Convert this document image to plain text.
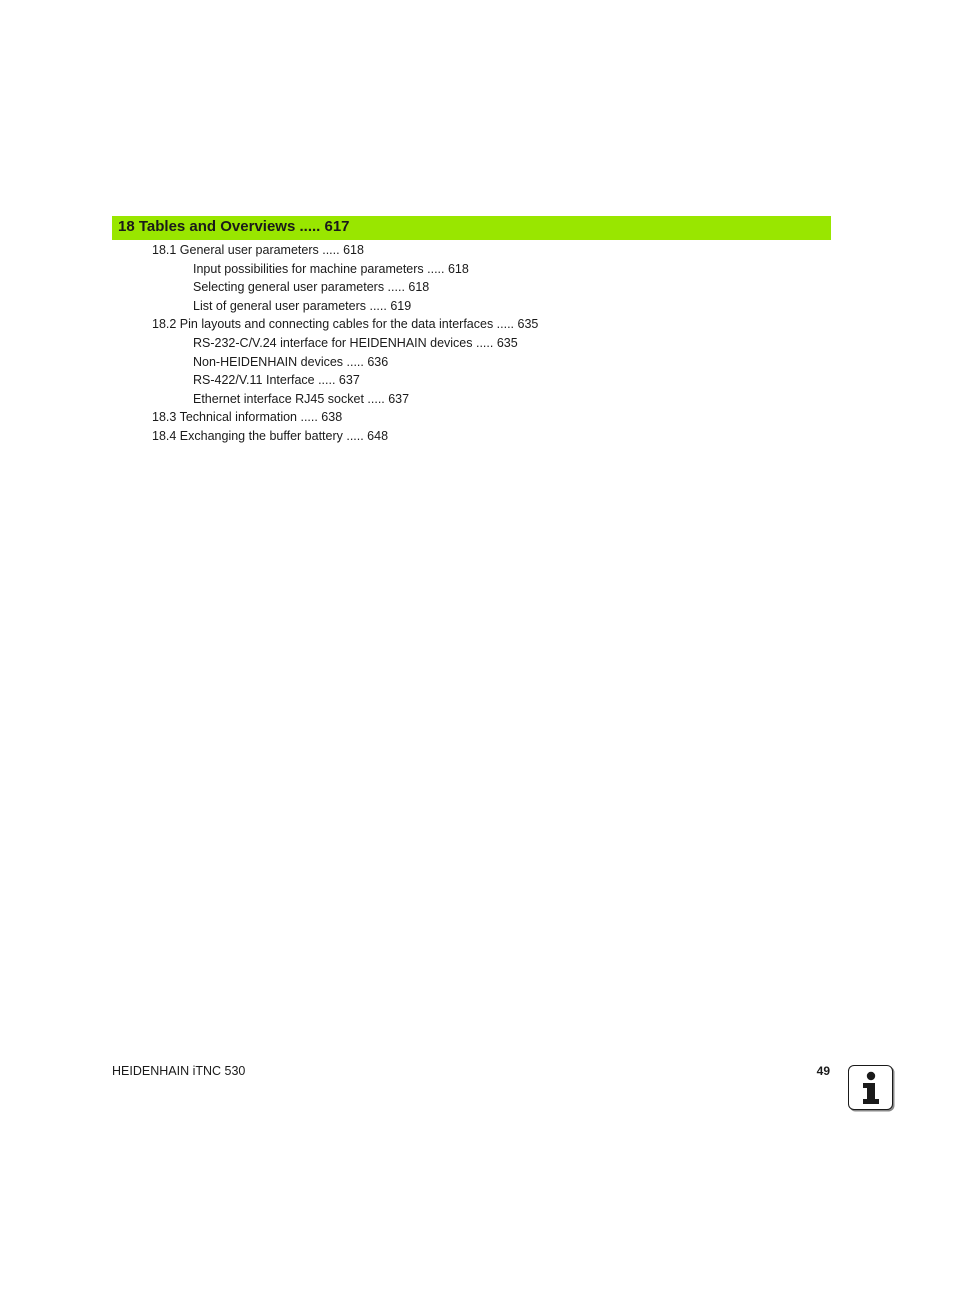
18 Tables and Overviews ..... 617
18.1 General user parameters ..... 618
Input possibilities for machine parameters ..... 618
Selecting general user parameters ..... 618
List of general user parameters ..... 619
18.2 Pin layouts and connecting cables for the data interfaces ..... 635
RS-232-C/V.24 interface for HEIDENHAIN devices ..... 635
Non-HEIDENHAIN devices ..... 636
RS-422/V.11 Interface ..... 637
Ethernet interface RJ45 socket ..... 637
18.3 Technical information ..... 638
18.4 Exchanging the buffer battery ..... 648
HEIDENHAIN iTNC 530	49
